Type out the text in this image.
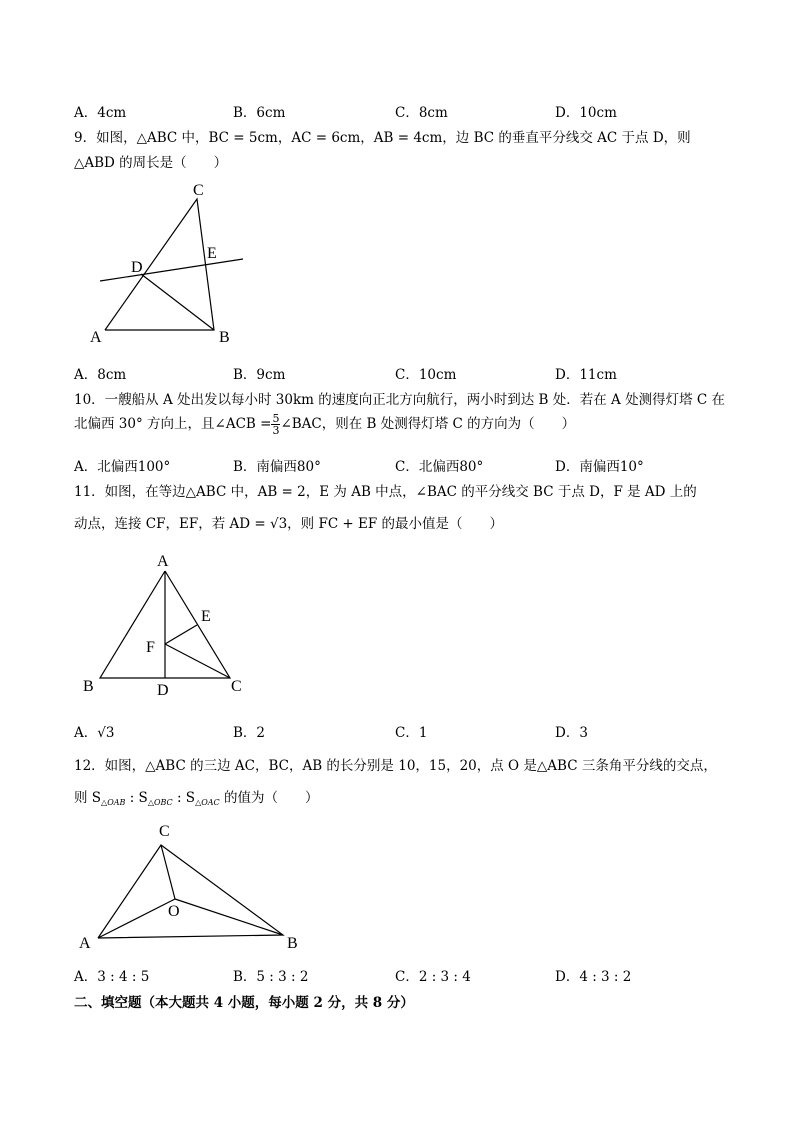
A．4cm	B．6cm	C．8cm	D．10cm
9．如图，△ABC 中，BC = 5cm，AC = 6cm，AB = 4cm，边 BC 的垂直平分线交 AC 于点 D，则
△ABD 的周长是（　　）
C
E
D
A	B
A．8cm	B．9cm	C．10cm	D．11cm
10．一艘船从 A 处出发以每小时 30km 的速度向正北方向航行，两小时到达 B 处．若在 A 处测得灯塔 C 在
北偏西 30° 方向上，且∠ACB = $\frac{5}{3}$ ∠BAC，则在 B 处测得灯塔 C 的方向为（　　）
A．北偏西100°	B．南偏西80°	C．北偏西80°	D．南偏西10°
11．如图，在等边△ABC 中，AB = 2，E 为 AB 中点，∠BAC 的平分线交 BC 于点 D，F 是 AD 上的
动点，连接 CF，EF，若 AD = √3，则 FC + EF 的最小值是（　　）
A
E
F
B	D	C
A．√3	B．2	C．1	D．3
12．如图，△ABC 的三边 AC，BC，AB 的长分别是 10，15，20，点 O 是△ABC 三条角平分线的交点，
则 $S_{\triangle OAB}$ : $S_{\triangle OBC}$ : $S_{\triangle OAC}$ 的值为（　　）
C
O
A	B
A．3 : 4 : 5	B．5 : 3 : 2	C．2 : 3 : 4	D．4 : 3 : 2
二、填空题（本大题共 4 小题，每小题 2 分，共 8 分）
